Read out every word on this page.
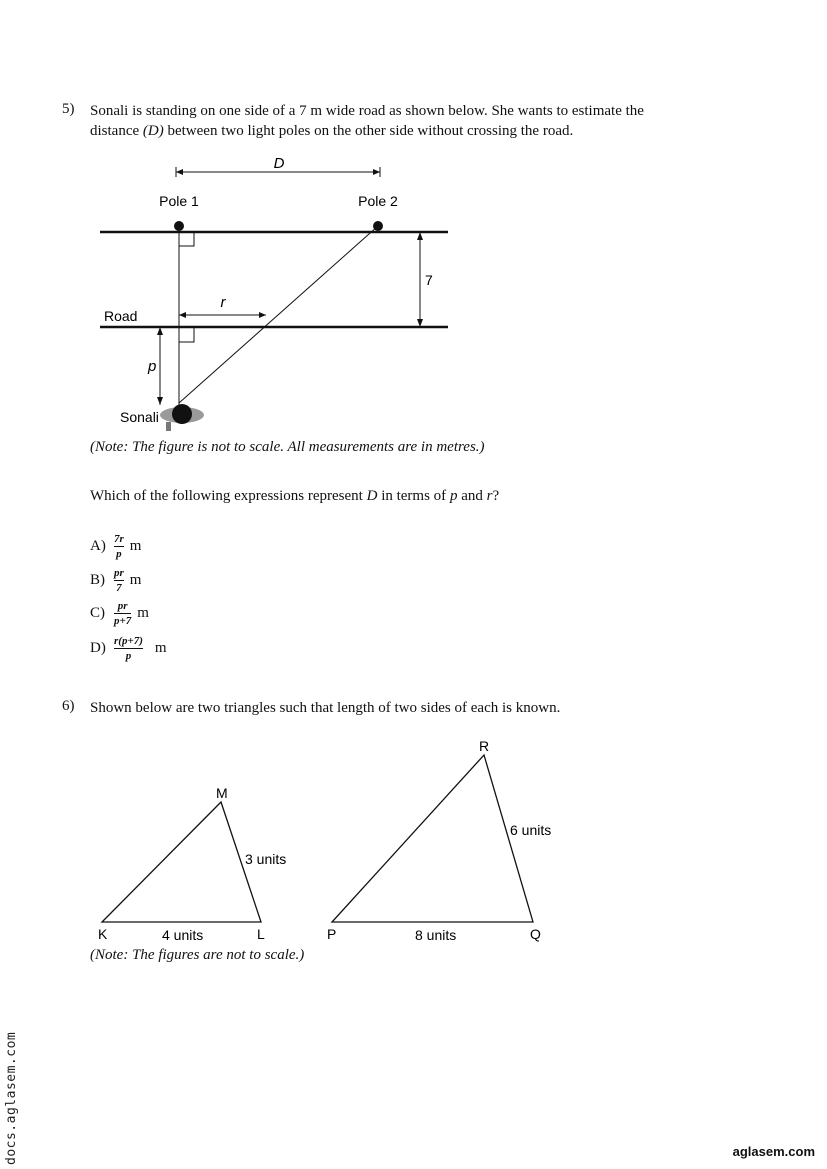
5) Sonali is standing on one side of a 7 m wide road as shown below. She wants to estimate the
distance (D) between two light poles on the other side without crossing the road.
D
Pole 1	Pole 2
r
7
Road
p
Sonali
(Note: The figure is not to scale. All measurements are in metres.)
Which of the following expressions represent D in terms of p and r?
$A) \frac{7r}{p}$ m
$B) \frac{pr}{7}$ m
$C) \frac{pr}{p+7}$ m
$D) \frac{r(p+7)}{p}$ m
6) Shown below are two triangles such that length of two sides of each is known.
M
K	L
3 units
4 units
R
P	Q
6 units
8 units
(Note: The figures are not to scale.)
docs.aglasem.com	aglasem.com
